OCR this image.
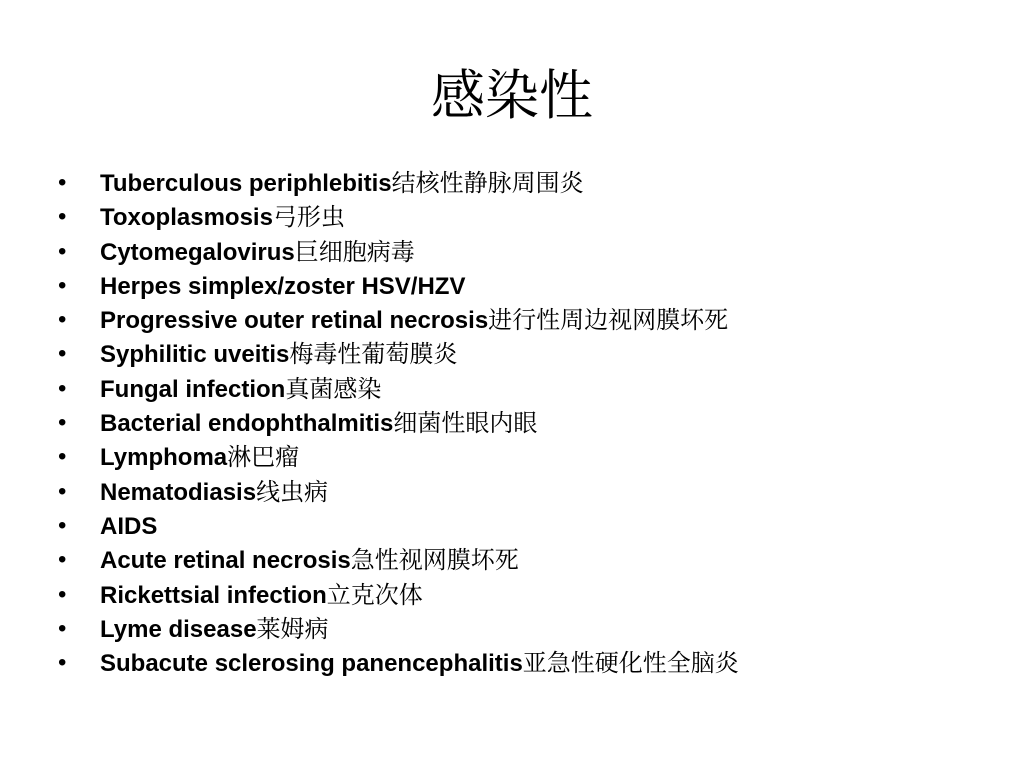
感染性
•	Tuberculous periphlebitis结核性静脉周围炎
•	Toxoplasmosis弓形虫
•	Cytomegalovirus巨细胞病毒
•	Herpes simplex/zoster HSV/HZV
•	Progressive outer retinal necrosis进行性周边视网膜坏死
•	Syphilitic uveitis梅毒性葡萄膜炎
•	Fungal infection真菌感染
•	Bacterial endophthalmitis细菌性眼内眼
•	Lymphoma淋巴瘤
•	Nematodiasis线虫病
•	AIDS
•	Acute retinal necrosis急性视网膜坏死
•	Rickettsial infection立克次体
•	Lyme disease莱姆病
•	Subacute sclerosing panencephalitis亚急性硬化性全脑炎
